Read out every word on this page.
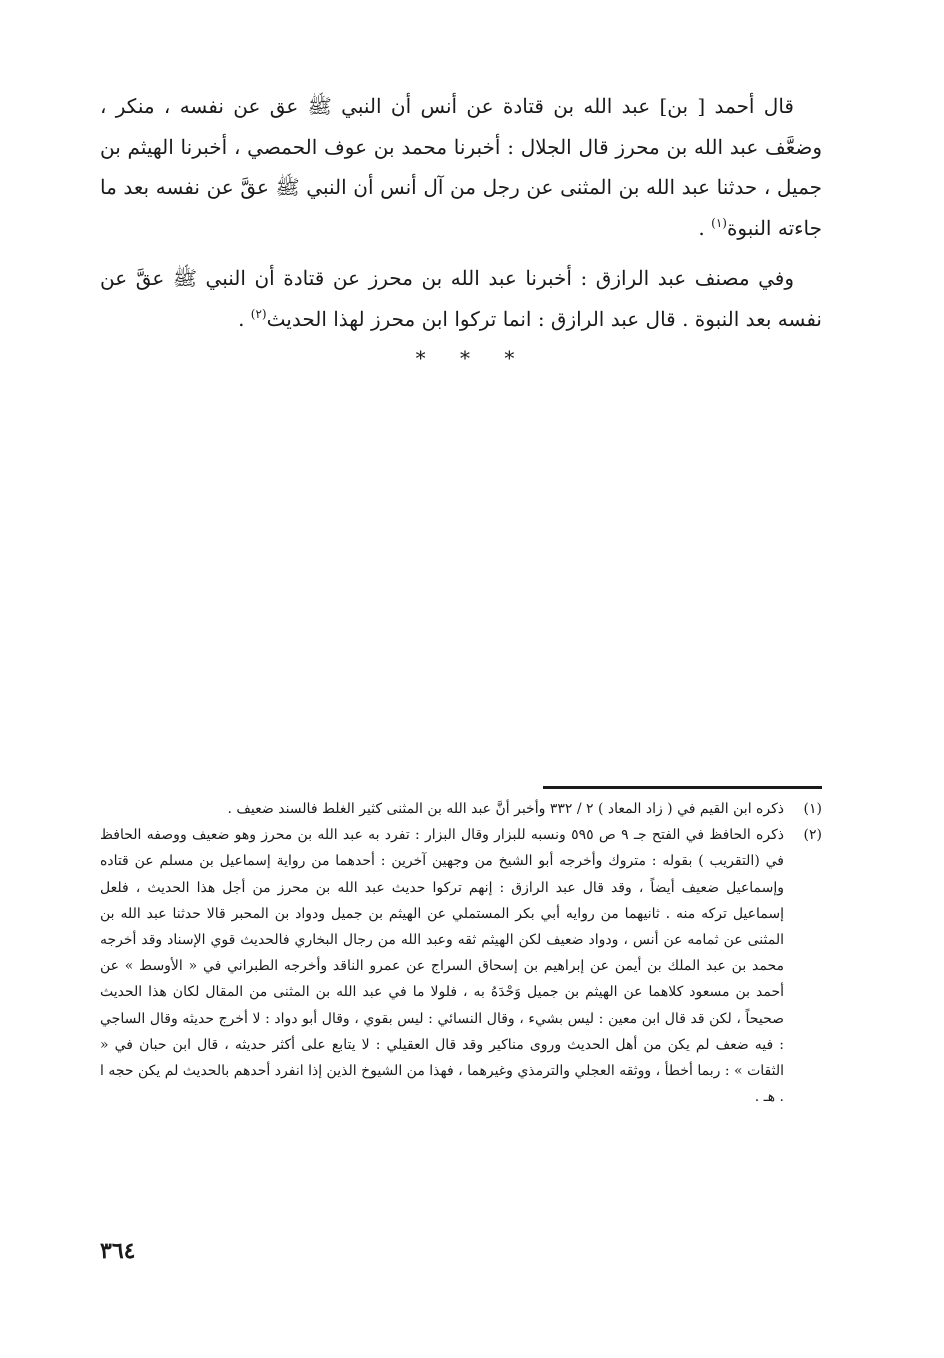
قال أحمد [ بن] عبد الله بن قتادة عن أنس أن النبي ﷺ عق عن نفسه ، منكر ، وضعَّف عبد الله بن محرز قال الجلال : أخبرنا محمد بن عوف الحمصي ، أخبرنا الهيثم بن جميل ، حدثنا عبد الله بن المثنى عن رجل من آل أنس أن النبي ﷺ عقَّ عن نفسه بعد ما جاءته النبوة$^{(١)}$ .

وفي مصنف عبد الرازق : أخبرنا عبد الله بن محرز عن قتادة أن النبي ﷺ عقَّ عن نفسه بعد النبوة . قال عبد الرازق : انما تركوا ابن محرز لهذا الحديث$^{(٢)}$ .

* * *
(١)
ذكره ابن القيم في ( زاد المعاد ) ٢ / ٣٣٢ وأخبر أنَّ عبد الله بن المثنى كثير الغلط فالسند ضعيف .
(٢)
ذكره الحافظ في الفتح جـ ٩ ص ٥٩٥ ونسبه للبزار وقال البزار : تفرد به عبد الله بن محرز وهو ضعيف ووصفه الحافظ في (التقريب ) بقوله : متروك وأخرجه أبو الشيخ من وجهين آخرين : أحدهما من رواية إسماعيل بن مسلم عن قتاده وإسماعيل ضعيف أيضاً ، وقد قال عبد الرازق : إنهم تركوا حديث عبد الله بن محرز من أجل هذا الحديث ، فلعل إسماعيل تركه منه . ثانيهما من روايه أبي بكر المستملي عن الهيثم بن جميل ودواد بن المحبر قالا حدثنا عبد الله بن المثنى عن ثمامه عن أنس ، ودواد ضعيف لكن الهيثم ثقه وعبد الله من رجال البخاري فالحديث قوي الإسناد وقد أخرجه محمد بن عبد الملك بن أيمن عن إبراهيم بن إسحاق السراج عن عمرو الناقد وأخرجه الطبراني في « الأوسط » عن أحمد بن مسعود كلاهما عن الهيثم بن جميل وَحْدَهُ به ، فلولا ما في عبد الله بن المثنى من المقال لكان هذا الحديث صحيحاً ، لكن قد قال ابن معين : ليس بشيء ، وقال النسائي : ليس بقوي ، وقال أبو دواد : لا أخرج حديثه وقال الساجي : فيه ضعف لم يكن من أهل الحديث وروى مناكير وقد قال العقيلي : لا يتابع على أكثر حديثه ، قال ابن حبان في « الثقات » : ربما أخطأ ، ووثقه العجلي والترمذي وغيرهما ، فهذا من الشيوخ الذين إذا انفرد أحدهم بالحديث لم يكن حجه ا . هـ .
٣٦٤
